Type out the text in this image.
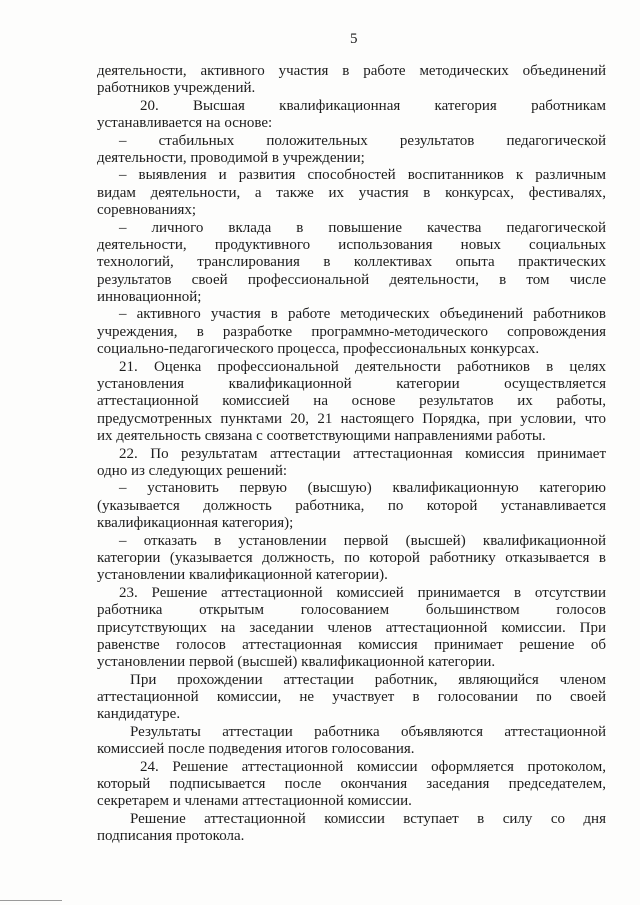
5
деятельности, активного участия в работе методических объединений
работников учреждений.
20. Высшая квалификационная категория работникам
устанавливается на основе:
– стабильных положительных результатов педагогической
деятельности, проводимой в учреждении;
– выявления и развития способностей воспитанников к различным
видам деятельности, а также их участия в конкурсах, фестивалях,
соревнованиях;
– личного вклада в повышение качества педагогической
деятельности, продуктивного использования новых социальных
технологий, транслирования в коллективах опыта практических
результатов своей профессиональной деятельности, в том числе
инновационной;
– активного участия в работе методических объединений работников
учреждения, в разработке программно-методического сопровождения
социально-педагогического процесса, профессиональных конкурсах.
21. Оценка профессиональной деятельности работников в целях
установления квалификационной категории осуществляется
аттестационной комиссией на основе результатов их работы,
предусмотренных пунктами 20, 21 настоящего Порядка, при условии, что
их деятельность связана с соответствующими направлениями работы.
22. По результатам аттестации аттестационная комиссия принимает
одно из следующих решений:
– установить первую (высшую) квалификационную категорию
(указывается должность работника, по которой устанавливается
квалификационная категория);
– отказать в установлении первой (высшей) квалификационной
категории (указывается должность, по которой работнику отказывается в
установлении квалификационной категории).
23. Решение аттестационной комиссией принимается в отсутствии
работника открытым голосованием большинством голосов
присутствующих на заседании членов аттестационной комиссии. При
равенстве голосов аттестационная комиссия принимает решение об
установлении первой (высшей) квалификационной категории.
При прохождении аттестации работник, являющийся членом
аттестационной комиссии, не участвует в голосовании по своей
кандидатуре.
Результаты аттестации работника объявляются аттестационной
комиссией после подведения итогов голосования.
24. Решение аттестационной комиссии оформляется протоколом,
который подписывается после окончания заседания председателем,
секретарем и членами аттестационной комиссии.
Решение аттестационной комиссии вступает в силу со дня
подписания протокола.
